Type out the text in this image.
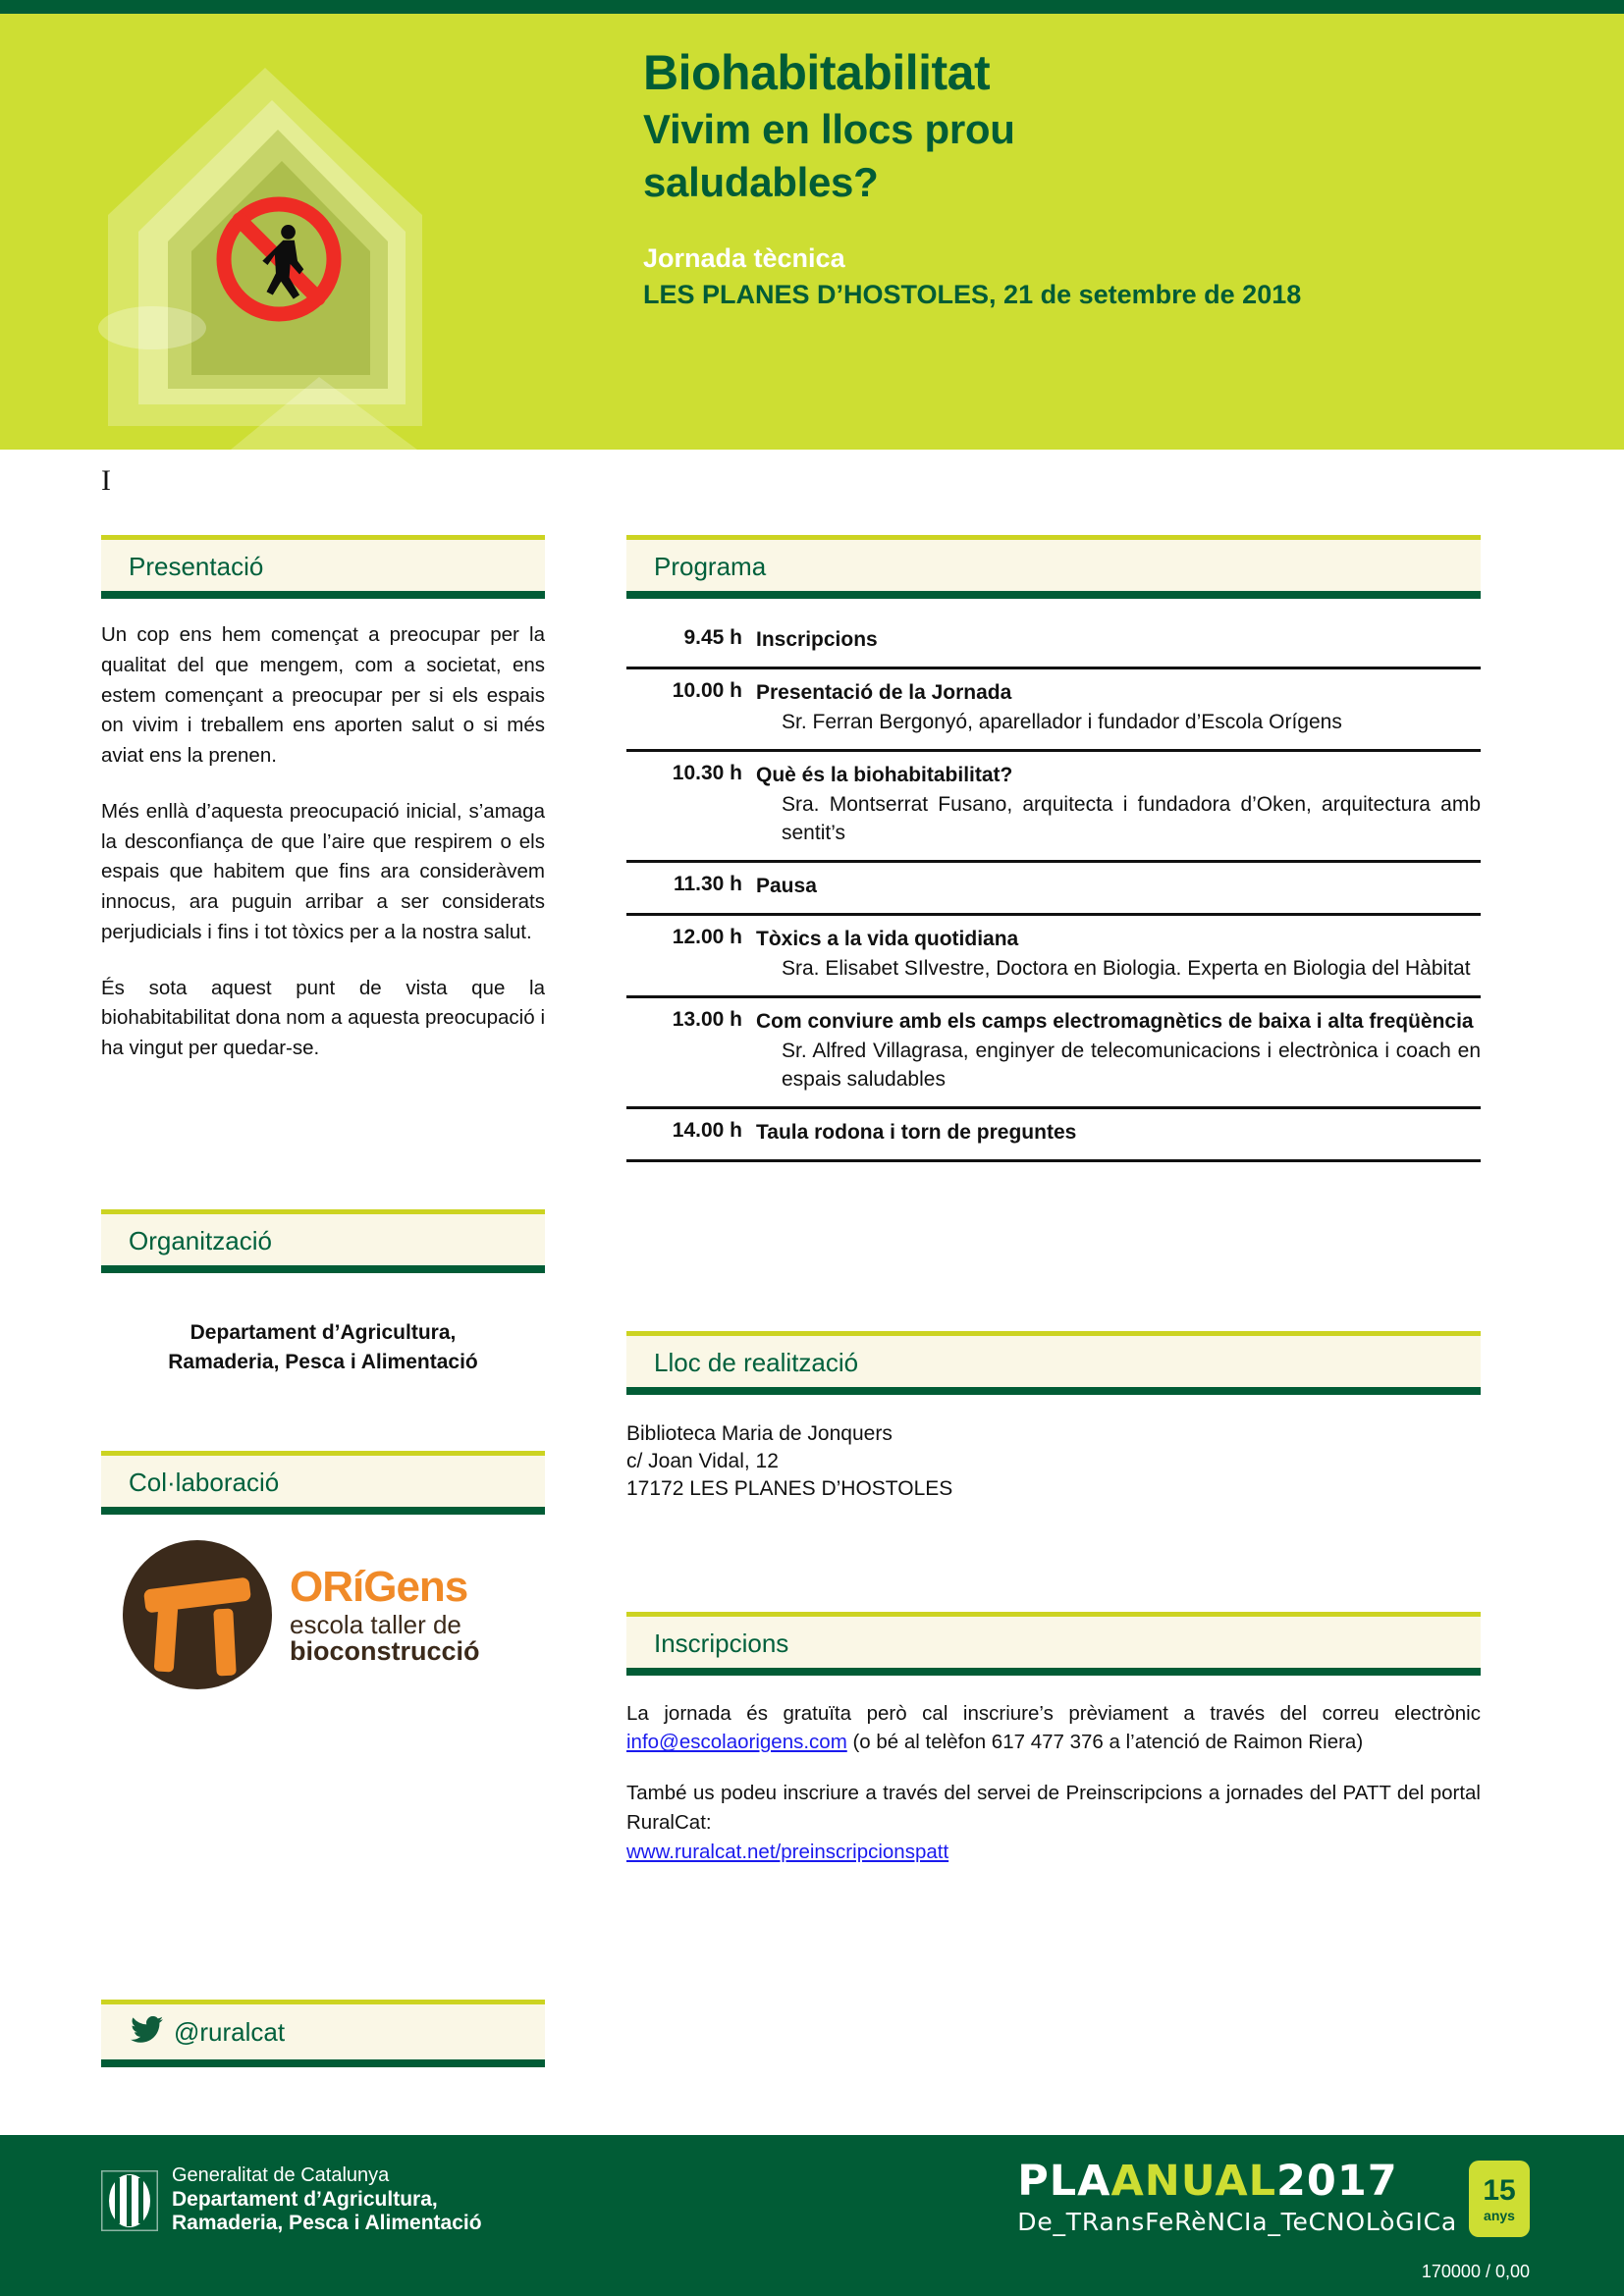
Biohabitabilitat
Vivim en llocs prou
saludables?
Jornada tècnica
LES PLANES D’HOSTOLES, 21 de setembre de 2018
I
Presentació

Un cop ens hem començat a preocupar per la qualitat del que mengem, com a societat, ens estem començant a preocupar per si els espais on vivim i treballem ens aporten salut o si més aviat ens la prenen.

Més enllà d’aquesta preocupació inicial, s’amaga la desconfiança de que l’aire que respirem o els espais que habitem que fins ara consideràvem innocus, ara puguin arribar a ser considerats perjudicials i fins i tot tòxics per a la nostra salut.

És sota aquest punt de vista que la biohabitabilitat dona nom a aquesta preocupació i ha vingut per quedar-se.

Organització
Departament d’Agricultura,
Ramaderia, Pesca i Alimentació
Col·laboració
ORíGens
escola taller de
bioconstrucció
Programa
9.45 h	Inscripcions
10.00 h	Presentació de la Jornada
Sr. Ferran Bergonyó, aparellador i fundador d’Escola Orígens

10.30 h	Què és la biohabitabilitat?
Sra. Montserrat Fusano, arquitecta i fundadora d’Oken, arquitectura amb sentit’s

11.30 h	Pausa
12.00 h	Tòxics a la vida quotidiana
Sra. Elisabet SIlvestre, Doctora en Biologia. Experta en Biologia del Hàbitat

13.00 h	Com conviure amb els camps electromagnètics de baixa i alta freqüència
Sr. Alfred Villagrasa, enginyer de telecomunicacions i electrònica i coach en espais saludables

14.00 h	Taula rodona i torn de preguntes
Lloc de realització
Biblioteca Maria de Jonquers
c/ Joan Vidal, 12
17172 LES PLANES D’HOSTOLES
Inscripcions

La jornada és gratuïta però cal inscriure’s prèviament a través del correu electrònic info@escolaorigens.com (o bé al telèfon 617 477 376 a l’atenció de Raimon Riera)

També us podeu inscriure a través del servei de Preinscripcions a jornades del PATT del portal RuralCat:
www.ruralcat.net/preinscripcionspatt

@ruralcat
Generalitat de Catalunya
Departament d’Agricultura,
Ramaderia, Pesca i Alimentació
PLAANUAL2017
De_TRansFeRèNCIa_TeCNOLòGICa
15
anys
170000 / 0,00
